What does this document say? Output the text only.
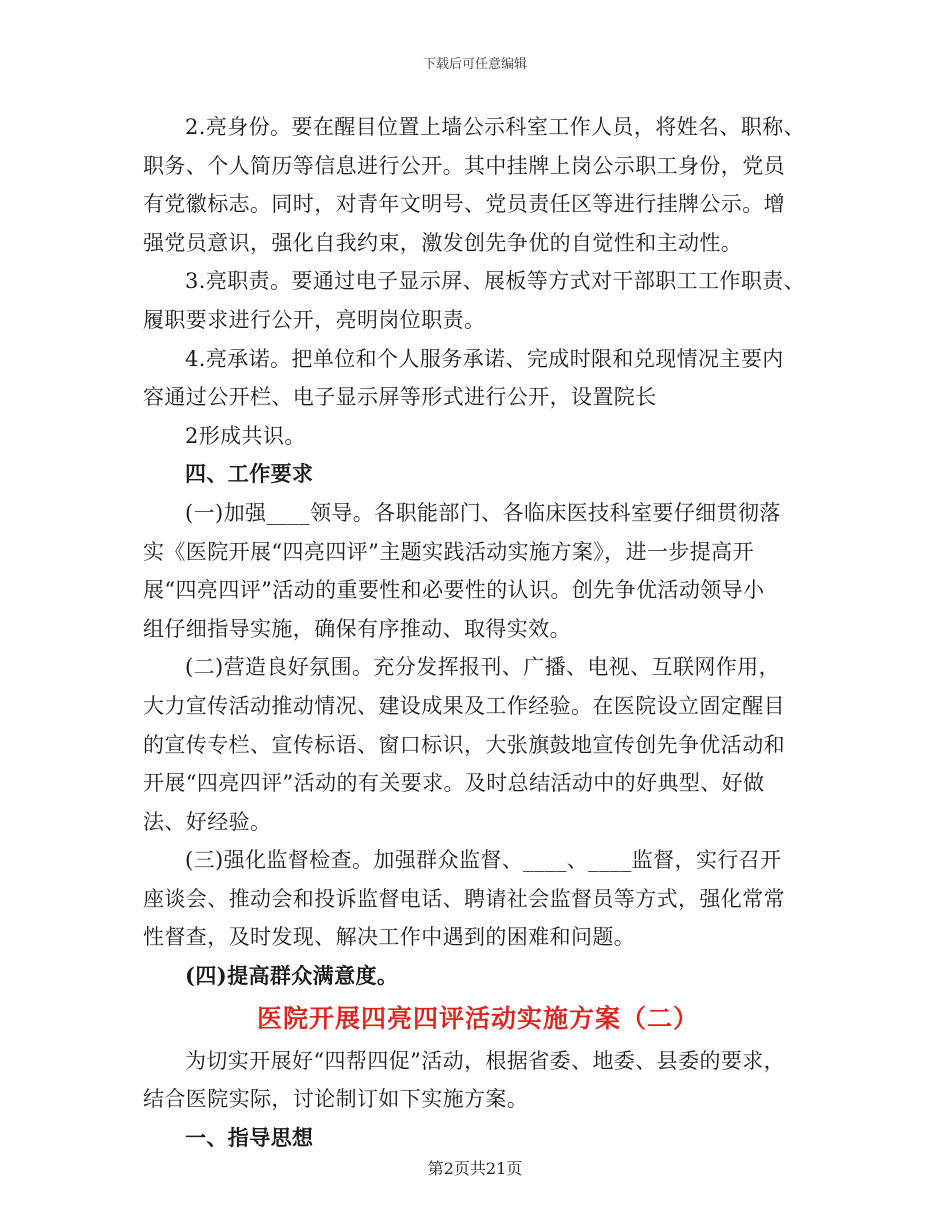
下载后可任意编辑
2.亮身份。要在醒目位置上墙公示科室工作人员，将姓名、职称、
职务、个人简历等信息进行公开。其中挂牌上岗公示职工身份，党员
有党徽标志。同时，对青年文明号、党员责任区等进行挂牌公示。增
强党员意识，强化自我约束，激发创先争优的自觉性和主动性。
3.亮职责。要通过电子显示屏、展板等方式对干部职工工作职责、
履职要求进行公开，亮明岗位职责。
4.亮承诺。把单位和个人服务承诺、完成时限和兑现情况主要内
容通过公开栏、电子显示屏等形式进行公开，设置院长
2形成共识。
四、工作要求
(一)加强____领导。各职能部门、各临床医技科室要仔细贯彻落
实《医院开展“四亮四评”主题实践活动实施方案》，进一步提高开
展“四亮四评”活动的重要性和必要性的认识。创先争优活动领导小
组仔细指导实施，确保有序推动、取得实效。
(二)营造良好氛围。充分发挥报刊、广播、电视、互联网作用，
大力宣传活动推动情况、建设成果及工作经验。在医院设立固定醒目
的宣传专栏、宣传标语、窗口标识，大张旗鼓地宣传创先争优活动和
开展“四亮四评”活动的有关要求。及时总结活动中的好典型、好做
法、好经验。
(三)强化监督检查。加强群众监督、____、____监督，实行召开
座谈会、推动会和投诉监督电话、聘请社会监督员等方式，强化常常
性督查，及时发现、解决工作中遇到的困难和问题。
(四)提高群众满意度。
医院开展四亮四评活动实施方案（二）
为切实开展好“四帮四促”活动，根据省委、地委、县委的要求，
结合医院实际，讨论制订如下实施方案。
一、指导思想
第2页共21页
